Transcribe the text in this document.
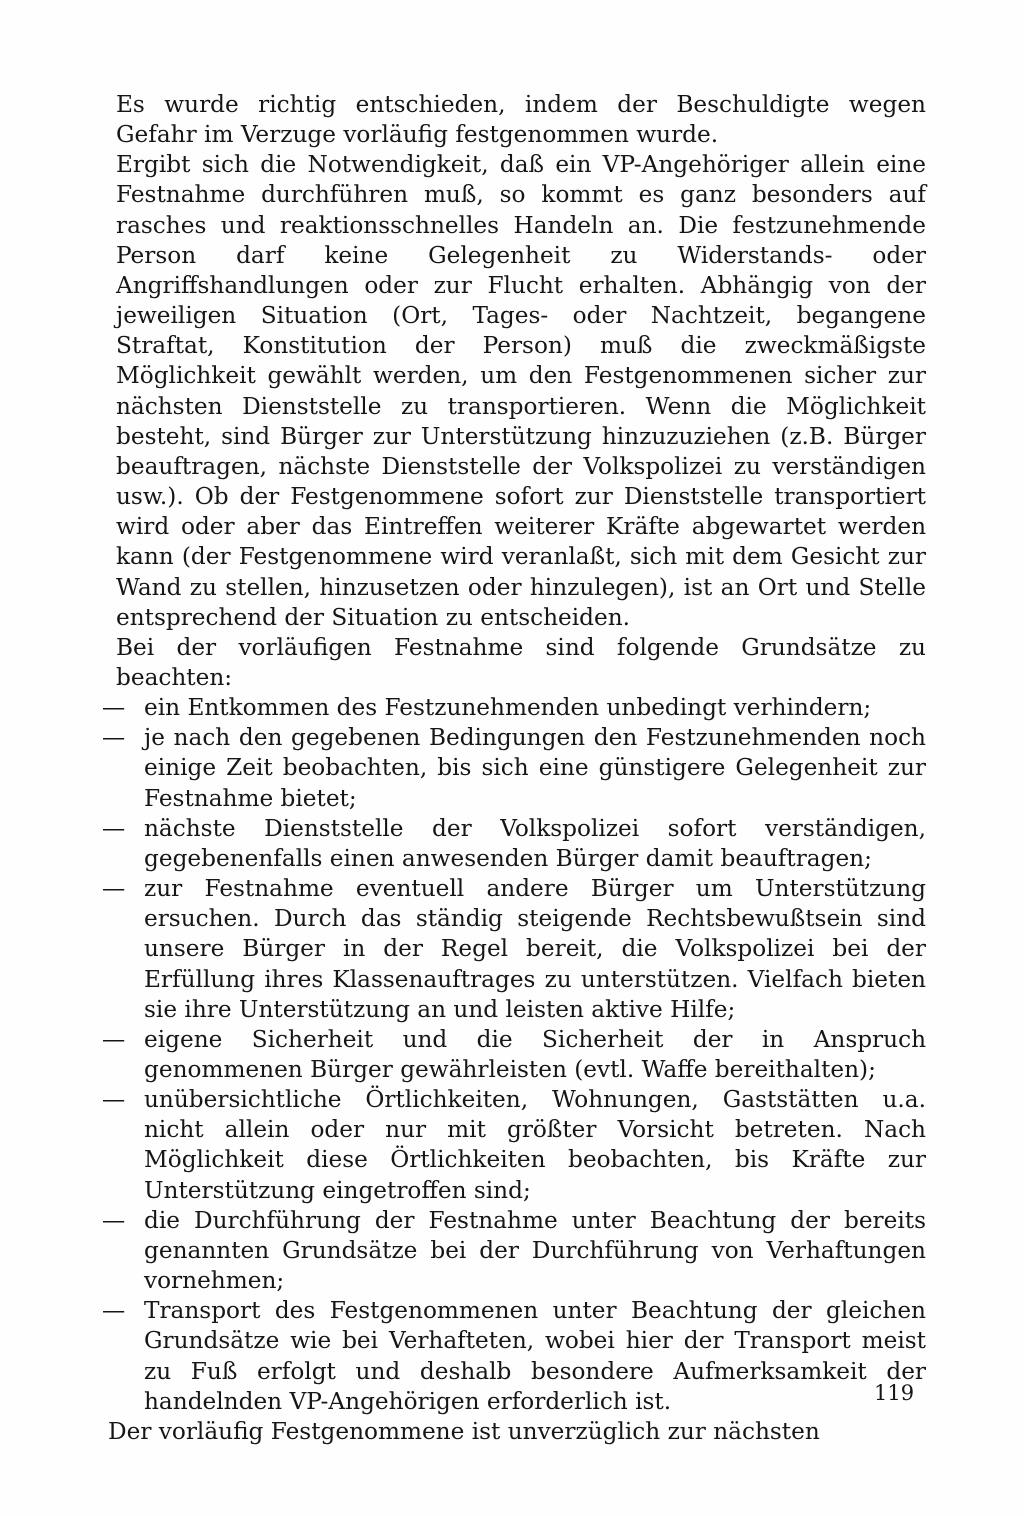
Es wurde richtig entschieden, indem der Beschuldigte wegen Gefahr im Verzuge vorläufig festgenommen wurde.

Ergibt sich die Notwendigkeit, daß ein VP-Angehöriger allein eine Festnahme durchführen muß, so kommt es ganz besonders auf rasches und reaktionsschnelles Handeln an. Die festzunehmende Person darf keine Gelegenheit zu Widerstands- oder Angriffshandlungen oder zur Flucht erhalten. Abhängig von der jeweiligen Situation (Ort, Tages- oder Nachtzeit, begangene Straftat, Konstitution der Person) muß die zweckmäßigste Möglichkeit gewählt werden, um den Festgenommenen sicher zur nächsten Dienststelle zu transportieren. Wenn die Möglichkeit besteht, sind Bürger zur Unterstützung hinzuzuziehen (z.B. Bürger beauftragen, nächste Dienststelle der Volkspolizei zu verständigen usw.). Ob der Festgenommene sofort zur Dienststelle transportiert wird oder aber das Eintreffen weiterer Kräfte abgewartet werden kann (der Festgenommene wird veranlaßt, sich mit dem Gesicht zur Wand zu stellen, hinzusetzen oder hinzulegen), ist an Ort und Stelle entsprechend der Situation zu entscheiden.

Bei der vorläufigen Festnahme sind folgende Grundsätze zu beachten:

— ein Entkommen des Festzunehmenden unbedingt verhindern;
— je nach den gegebenen Bedingungen den Festzunehmenden noch einige Zeit beobachten, bis sich eine günstigere Gelegenheit zur Festnahme bietet;
— nächste Dienststelle der Volkspolizei sofort verständigen, gegebenenfalls einen anwesenden Bürger damit beauftragen;
— zur Festnahme eventuell andere Bürger um Unterstützung ersuchen. Durch das ständig steigende Rechtsbewußtsein sind unsere Bürger in der Regel bereit, die Volkspolizei bei der Erfüllung ihres Klassenauftrages zu unterstützen. Vielfach bieten sie ihre Unterstützung an und leisten aktive Hilfe;
— eigene Sicherheit und die Sicherheit der in Anspruch genommenen Bürger gewährleisten (evtl. Waffe bereithalten);
— unübersichtliche Örtlichkeiten, Wohnungen, Gaststätten u.a. nicht allein oder nur mit größter Vorsicht betreten. Nach Möglichkeit diese Örtlichkeiten beobachten, bis Kräfte zur Unterstützung eingetroffen sind;
— die Durchführung der Festnahme unter Beachtung der bereits genannten Grundsätze bei der Durchführung von Verhaftungen vornehmen;
— Transport des Festgenommenen unter Beachtung der gleichen Grundsätze wie bei Verhafteten, wobei hier der Transport meist zu Fuß erfolgt und deshalb besondere Aufmerksamkeit der handelnden VP-Angehörigen erforderlich ist.

Der vorläufig Festgenommene ist unverzüglich zur nächsten

119
